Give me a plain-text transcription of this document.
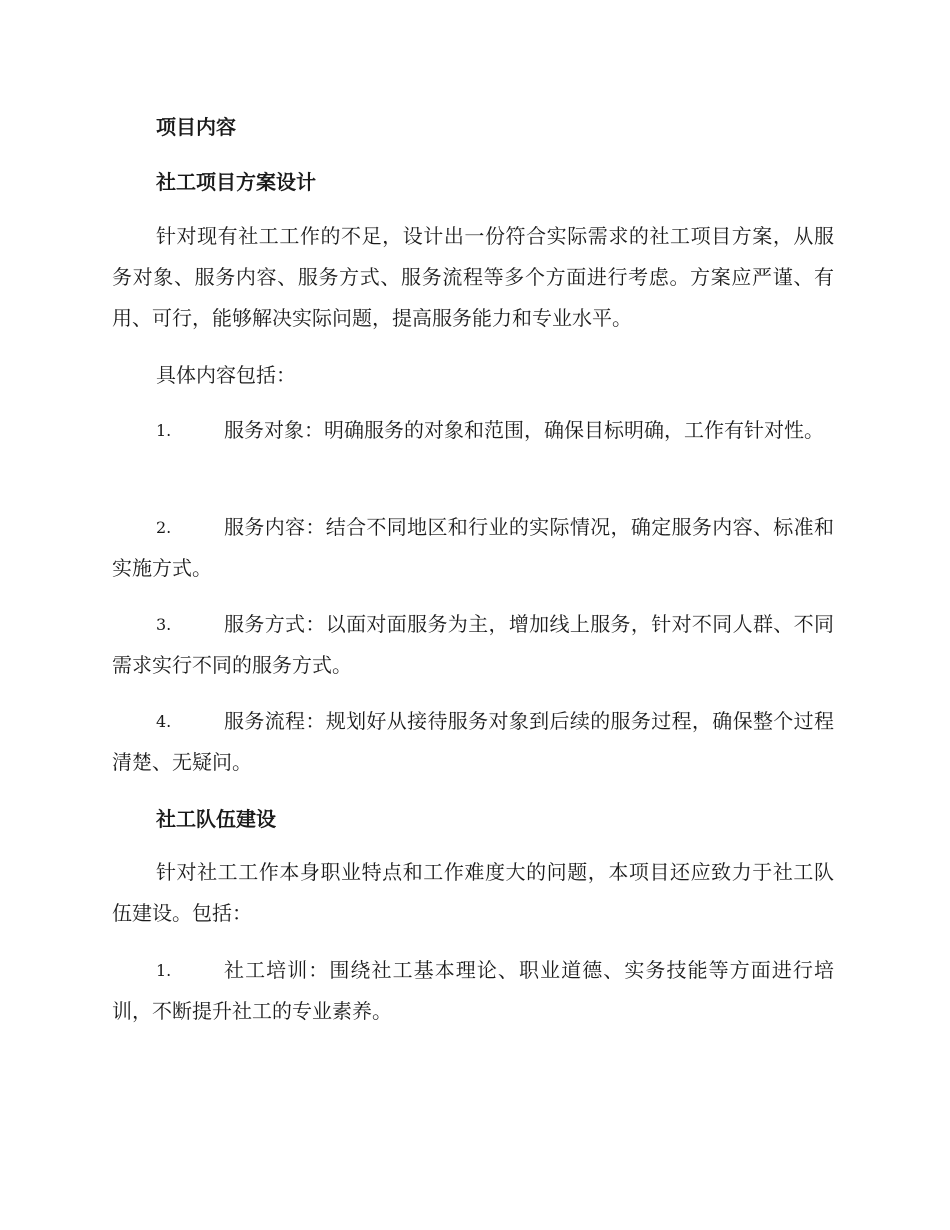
项目内容
社工项目方案设计
针对现有社工工作的不足，设计出一份符合实际需求的社工项目方案，从服务对象、服务内容、服务方式、服务流程等多个方面进行考虑。方案应严谨、有用、可行，能够解决实际问题，提高服务能力和专业水平。
具体内容包括：
1.	服务对象：明确服务的对象和范围，确保目标明确，工作有针对性。
2.	服务内容：结合不同地区和行业的实际情况，确定服务内容、标准和实施方式。
3.	服务方式：以面对面服务为主，增加线上服务，针对不同人群、不同需求实行不同的服务方式。
4.	服务流程：规划好从接待服务对象到后续的服务过程，确保整个过程清楚、无疑问。
社工队伍建设
针对社工工作本身职业特点和工作难度大的问题，本项目还应致力于社工队伍建设。包括：
1.	社工培训：围绕社工基本理论、职业道德、实务技能等方面进行培训，不断提升社工的专业素养。
